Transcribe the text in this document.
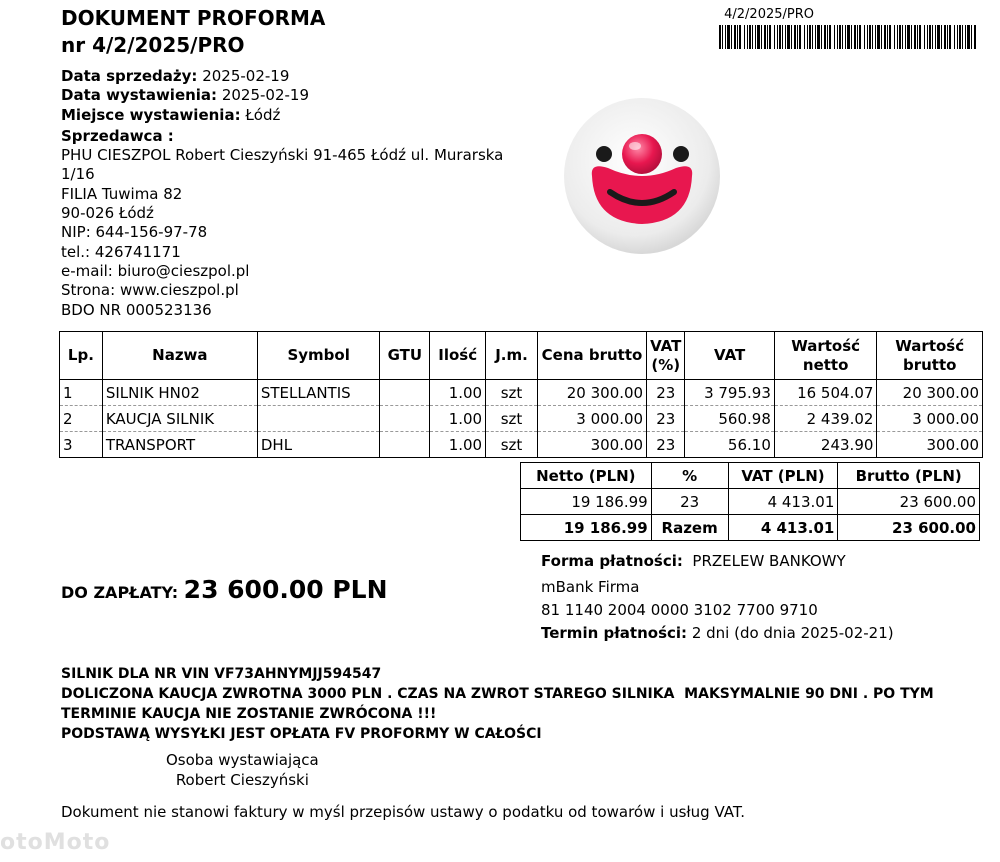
DOKUMENT PROFORMA
nr 4/2/2025/PRO
4/2/2025/PRO
Data sprzedaży: 2025-02-19
Data wystawienia: 2025-02-19
Miejsce wystawienia: Łódź
Sprzedawca :
PHU CIESZPOL Robert Cieszyński 91-465 Łódź ul. Murarska
1/16
FILIA Tuwima 82
90-026 Łódź
NIP: 644-156-97-78
tel.: 426741171
e-mail: biuro@cieszpol.pl
Strona: www.cieszpol.pl
BDO NR 000523136
Lp.	Nazwa	Symbol	GTU	Ilość	J.m.	Cena brutto	VAT (%)	VAT	Wartość netto	Wartość brutto
1	SILNIK HN02	STELLANTIS		1.00	szt	20 300.00	23	3 795.93	16 504.07	20 300.00
2	KAUCJA SILNIK			1.00	szt	3 000.00	23	560.98	2 439.02	3 000.00
3	TRANSPORT	DHL		1.00	szt	300.00	23	56.10	243.90	300.00
Netto (PLN)	%	VAT (PLN)	Brutto (PLN)
19 186.99	23	4 413.01	23 600.00
19 186.99	Razem	4 413.01	23 600.00
Forma płatności: PRZELEW BANKOWY
mBank Firma
81 1140 2004 0000 3102 7700 9710
Termin płatności: 2 dni (do dnia 2025-02-21)
DO ZAPŁATY: 23 600.00 PLN
SILNIK DLA NR VIN VF73AHNYMJJ594547
DOLICZONA KAUCJA ZWROTNA 3000 PLN . CZAS NA ZWROT STAREGO SILNIKA  MAKSYMALNIE 90 DNI . PO TYM
TERMINIE KAUCJA NIE ZOSTANIE ZWRÓCONA !!!
PODSTAWĄ WYSYŁKI JEST OPŁATA FV PROFORMY W CAŁOŚCI
Osoba wystawiająca
Robert Cieszyński
Dokument nie stanowi faktury w myśl przepisów ustawy o podatku od towarów i usług VAT.
otoMoto
